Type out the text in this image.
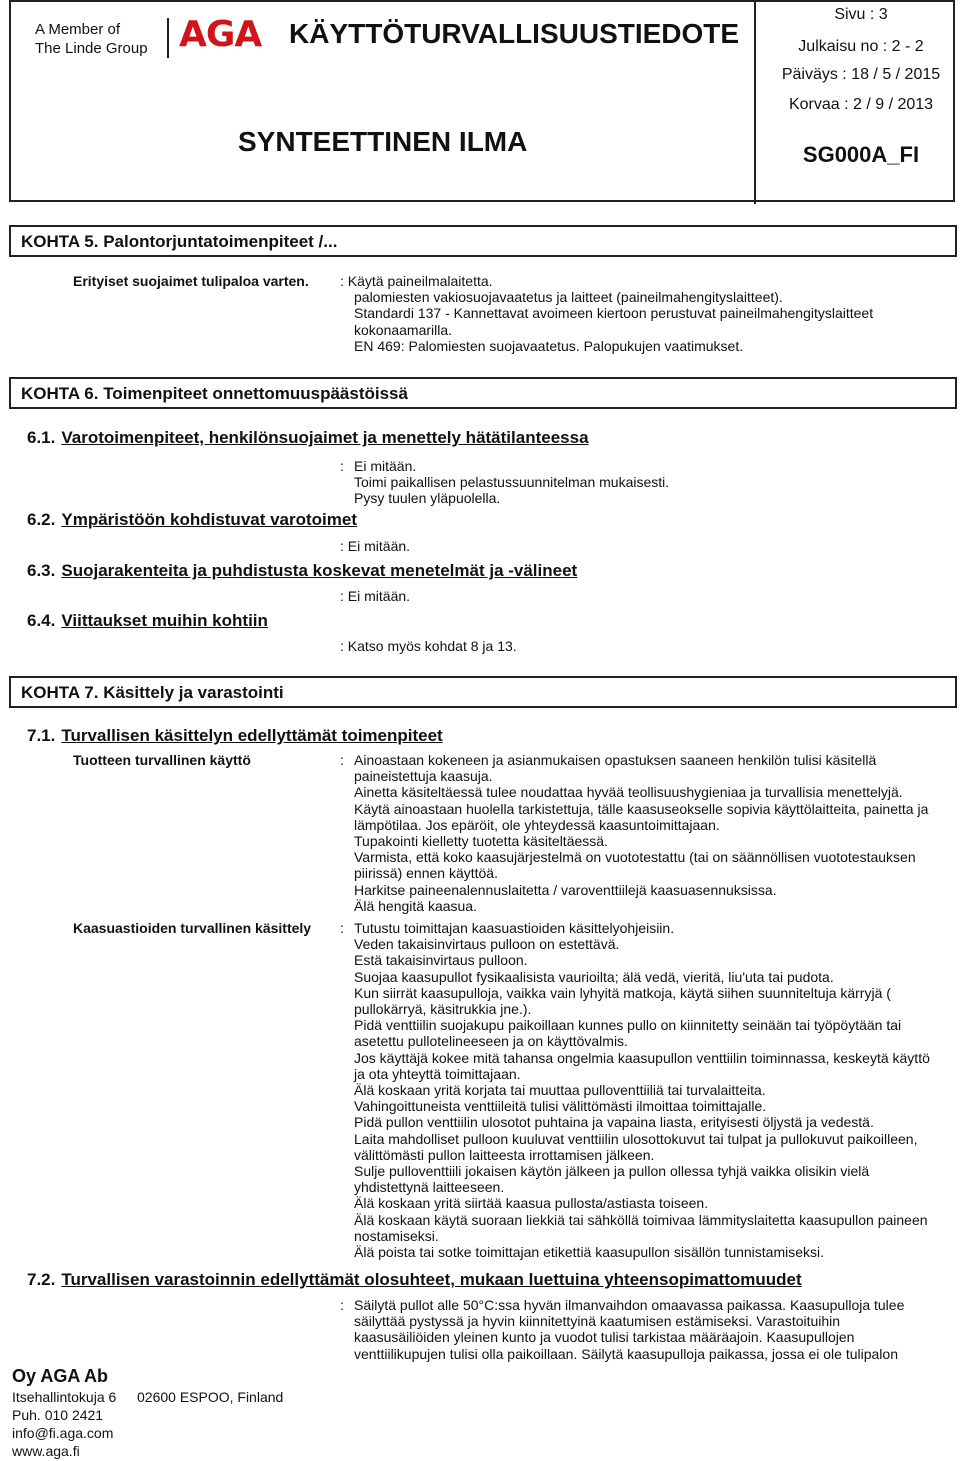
A Member of
The Linde Group AGA KÄYTTÖTURVALLISUUSTIEDOTE
SYNTEETTINEN ILMA
Sivu : 3
Julkaisu no : 2 - 2
Päiväys : 18 / 5 / 2015
Korvaa : 2 / 9 / 2013
SG000A_FI
KOHTA 5. Palontorjuntatoimenpiteet /...
Erityiset suojaimet tulipaloa varten. : Käytä paineilmalaitetta.
palomiesten vakiosuojavaatetus ja laitteet (paineilmahengityslaitteet).
Standardi 137 - Kannettavat avoimeen kiertoon perustuvat paineilmahengityslaitteet
kokonaamarilla.
EN 469: Palomiesten suojavaatetus. Palopukujen vaatimukset.
KOHTA 6. Toimenpiteet onnettomuuspäästöissä
6.1. Varotoimenpiteet, henkilönsuojaimet ja menettely hätätilanteessa
: Ei mitään.
Toimi paikallisen pelastussuunnitelman mukaisesti.
Pysy tuulen yläpuolella.
6.2. Ympäristöön kohdistuvat varotoimet
: Ei mitään.
6.3. Suojarakenteita ja puhdistusta koskevat menetelmät ja -välineet
: Ei mitään.
6.4. Viittaukset muihin kohtiin
: Katso myös kohdat 8 ja 13.
KOHTA 7. Käsittely ja varastointi
7.1. Turvallisen käsittelyn edellyttämät toimenpiteet
Tuotteen turvallinen käyttö	: Ainoastaan kokeneen ja asianmukaisen opastuksen saaneen henkilön tulisi käsitellä
paineistettuja kaasuja.
Ainetta käsiteltäessä tulee noudattaa hyvää teollisuushygieniaa ja turvallisia menettelyjä.
Käytä ainoastaan huolella tarkistettuja, tälle kaasuseokselle sopivia käyttölaitteita, painetta ja
lämpötilaa. Jos epäröit, ole yhteydessä kaasuntoimittajaan.
Tupakointi kielletty tuotetta käsiteltäessä.
Varmista, että koko kaasujärjestelmä on vuototestattu (tai on säännöllisen vuototestauksen
piirissä) ennen käyttöä.
Harkitse paineenalennuslaitetta / varoventtiilejä kaasuasennuksissa.
Älä hengitä kaasua.
Kaasuastioiden turvallinen käsittely : Tutustu toimittajan kaasuastioiden käsittelyohjeisiin.
Veden takaisinvirtaus pulloon on estettävä.
Estä takaisinvirtaus pulloon.
Suojaa kaasupullot fysikaalisista vaurioilta; älä vedä, vieritä, liu'uta tai pudota.
Kun siirrät kaasupulloja, vaikka vain lyhyitä matkoja, käytä siihen suunniteltuja kärryjä (
pullokärryä, käsitrukkia jne.).
Pidä venttiilin suojakupu paikoillaan kunnes pullo on kiinnitetty seinään tai työpöytään tai
asetettu pullotelineeseen ja on käyttövalmis.
Jos käyttäjä kokee mitä tahansa ongelmia kaasupullon venttiilin toiminnassa, keskeytä käyttö
ja ota yhteyttä toimittajaan.
Älä koskaan yritä korjata tai muuttaa pulloventtiiliä tai turvalaitteita.
Vahingoittuneista venttiileitä tulisi välittömästi ilmoittaa toimittajalle.
Pidä pullon venttiilin ulosotot puhtaina ja vapaina liasta, erityisesti öljystä ja vedestä.
Laita mahdolliset pulloon kuuluvat venttiilin ulosottokuvut tai tulpat ja pullokuvut paikoilleen,
välittömästi pullon laitteesta irrottamisen jälkeen.
Sulje pulloventtiili jokaisen käytön jälkeen ja pullon ollessa tyhjä vaikka olisikin vielä
yhdistettynä laitteeseen.
Älä koskaan yritä siirtää kaasua pullosta/astiasta toiseen.
Älä koskaan käytä suoraan liekkiä tai sähköllä toimivaa lämmityslaitetta kaasupullon paineen
nostamiseksi.
Älä poista tai sotke toimittajan etikettiä kaasupullon sisällön tunnistamiseksi.
7.2. Turvallisen varastoinnin edellyttämät olosuhteet, mukaan luettuina yhteensopimattomuudet
: Säilytä pullot alle 50°C:ssa hyvän ilmanvaihdon omaavassa paikassa. Kaasupulloja tulee
säilyttää pystyssä ja hyvin kiinnitettyinä kaatumisen estämiseksi. Varastoituihin
kaasusäiliöiden yleinen kunto ja vuodot tulisi tarkistaa määräajoin. Kaasupullojen
venttiilikupujen tulisi olla paikoillaan. Säilytä kaasupulloja paikassa, jossa ei ole tulipalon
Oy AGA Ab
Itsehallintokuja 6 02600 ESPOO, Finland
Puh. 010 2421
info@fi.aga.com
www.aga.fi
